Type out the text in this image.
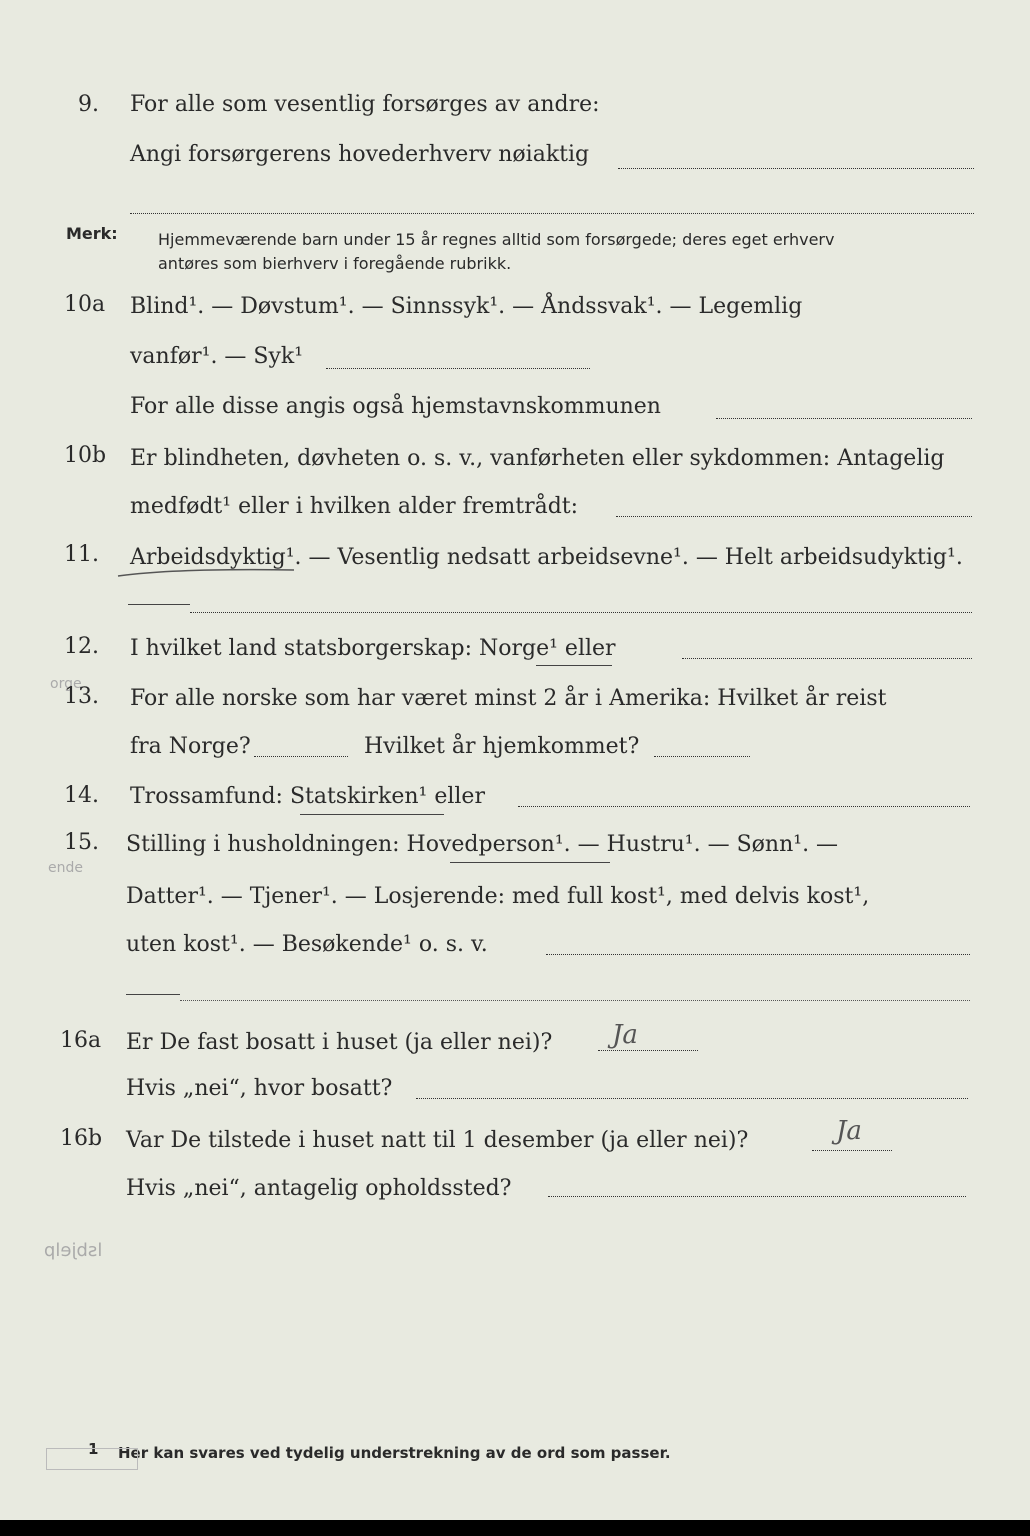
9. For alle som vesentlig forsørges av andre:
Angi forsørgerens hovederhverv nøiaktig
Merk:	Hjemmeværende barn under 15 år regnes alltid som forsørgede; deres eget erhverv
antøres som bierhverv i foregående rubrikk.
10a Blind¹. — Døvstum¹. — Sinnssyk¹. — Åndssvak¹. — Legemlig
vanfør¹. — Syk¹
For alle disse angis også hjemstavnskommunen
10b Er blindheten, døvheten o. s. v., vanførheten eller sykdommen: Antagelig
medfødt¹ eller i hvilken alder fremtrådt:
11. Arbeidsdyktig¹. — Vesentlig nedsatt arbeidsevne¹. — Helt arbeidsudyktig¹.
12. I hvilket land statsborgerskap: Norge¹ eller
orge
13. For alle norske som har været minst 2 år i Amerika: Hvilket år reist
fra Norge?	Hvilket år hjemkommet?
14. Trossamfund: Statskirken¹ eller
15.
ende
Stilling i husholdningen: Hovedperson¹. — Hustru¹. — Sønn¹. —
Datter¹. — Tjener¹. — Losjerende: med full kost¹, med delvis kost¹,
uten kost¹. — Besøkende¹ o. s. v.
16a Er De fast bosatt i huset (ja eller nei)? Ja
Hvis „nei“, hvor bosatt?
16b Var De tilstede i huset natt til 1 desember (ja eller nei)?	Ja
Hvis „nei“, antagelig opholdssted?
lsbjelp
1 Her kan svares ved tydelig understrekning av de ord som passer.
